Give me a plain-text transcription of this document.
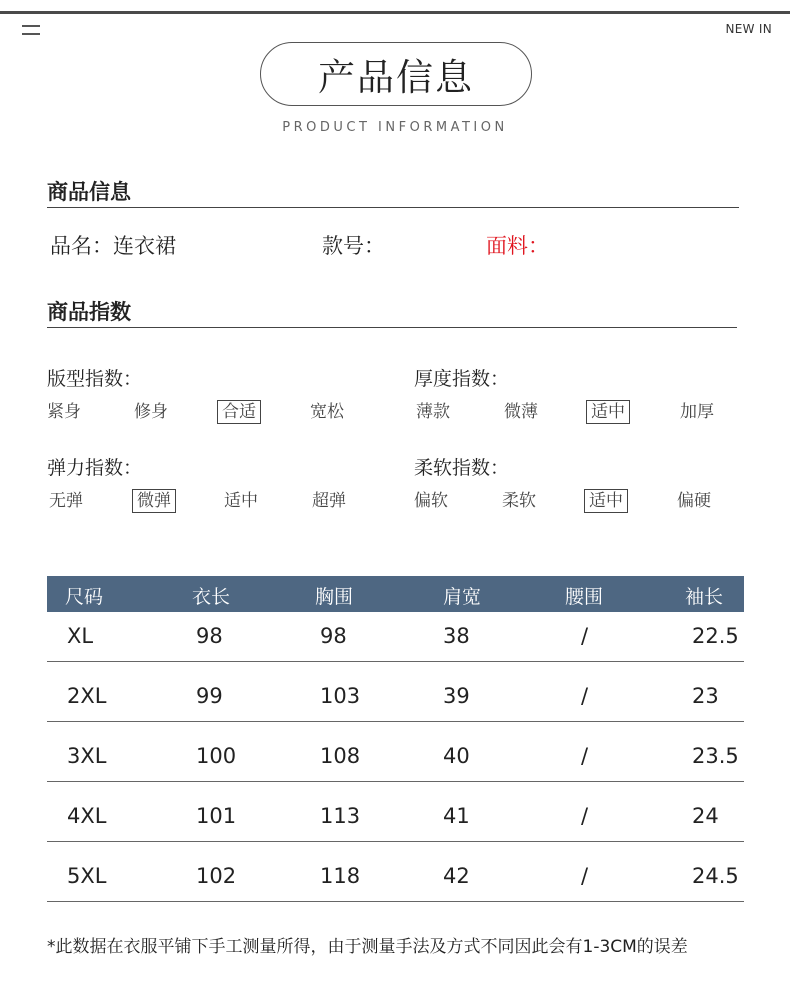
NEW IN
产品信息
PRODUCT INFORMATION
商品信息
品名：连衣裙	款号：	面料：
商品指数
版型指数：	厚度指数：
弹力指数：	柔软指数：
紧身	修身	合适	宽松	薄款	微薄	适中	加厚
无弹	微弹	适中	超弹	偏软	柔软	适中	偏硬
尺码	衣长	胸围	肩宽	腰围	袖长
XL	98	98	38	/	22.5
2XL	99	103	39	/	23
3XL	100	108	40	/	23.5
4XL	101	113	41	/	24
5XL	102	118	42	/	24.5
*此数据在衣服平铺下手工测量所得，由于测量手法及方式不同因此会有1-3CM的误差
